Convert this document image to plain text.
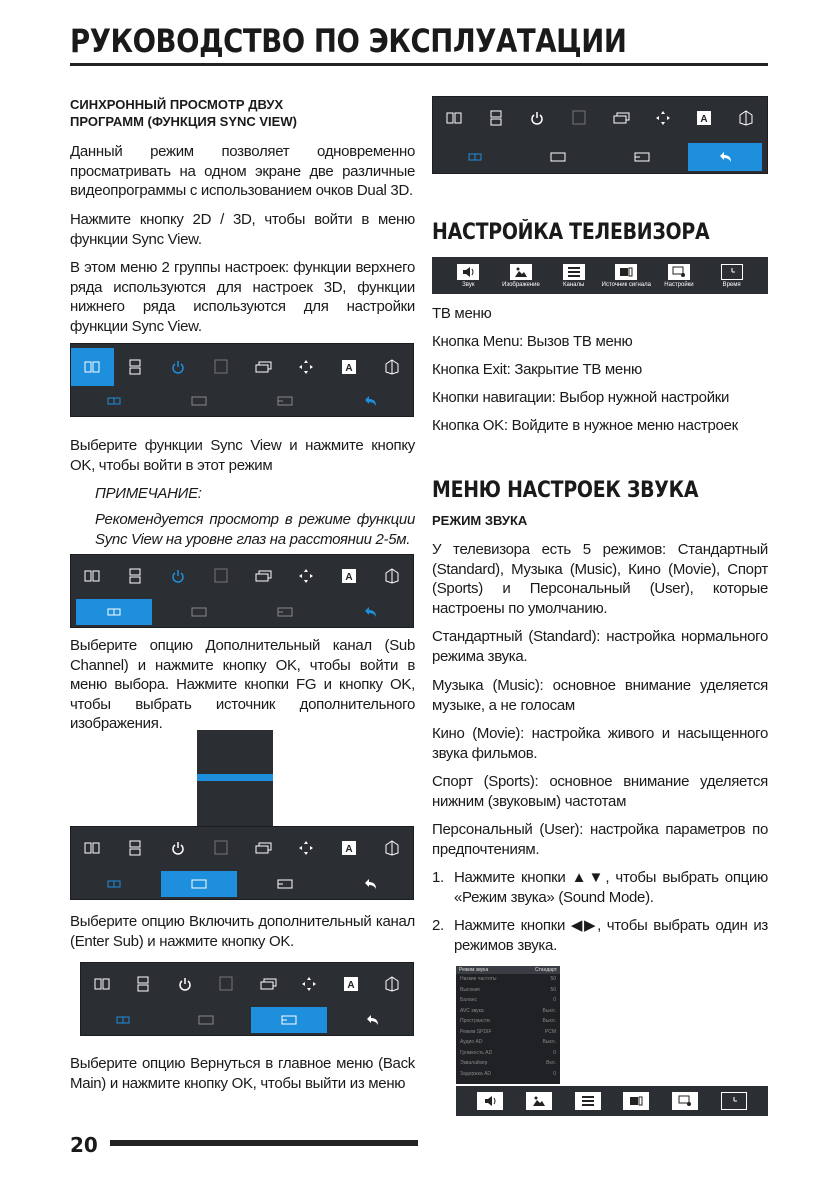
РУКОВОДСТВО ПО ЭКСПЛУАТАЦИИ
СИНХРОННЫЙ ПРОСМОТР ДВУХ
ПРОГРАММ (ФУНКЦИЯ SYNC VIEW)
Данный режим позволяет одновременно просматривать на одном экране две различные видеопрограммы с использованием очков Dual 3D.
Нажмите кнопку 2D / 3D, чтобы войти в меню функции Sync View.
В этом меню 2 группы настроек: функции верхнего ряда используются для настроек 3D, функции нижнего ряда используются для настройки функции Sync View.
A
Выберите функции Sync View и нажмите кнопку OK, чтобы войти в этот режим
ПРИМЕЧАНИЕ:
Рекомендуется просмотр в режиме функции Sync View на уровне глаз на расстоянии 2-5м.
A
Выберите опцию Дополнительный канал (Sub Channel) и нажмите кнопку OK, чтобы войти в меню выбора. Нажмите кнопки FG и кнопку OK, чтобы выбрать источник дополнительного изображения.
A
Выберите опцию Включить дополнительный канал (Enter Sub) и нажмите кнопку OK.
A
Выберите опцию Вернуться в главное меню (Back Main) и нажмите кнопку OK, чтобы выйти из меню
20
A
НАСТРОЙКА ТЕЛЕВИЗОРА
Звук	Изображение	Каналы	Источник сигнала Настройки	Время
ТВ меню
Кнопка Menu: Вызов ТВ меню
Кнопка Exit: Закрытие ТВ меню
Кнопки навигации: Выбор нужной настройки
Кнопка OK: Войдите в нужное меню настроек
МЕНЮ НАСТРОЕК ЗВУКА
РЕЖИМ ЗВУКА
У телевизора есть 5 режимов: Стандартный (Standard), Музыка (Music), Кино (Movie), Спорт (Sports) и Персональный (User), которые настроены по умолчанию.
Стандартный (Standard): настройка нормального режима звука.
Музыка (Music): основное внимание уделяется музыке, а не голосам
Кино (Movie): настройка живого и насыщенного звука фильмов.
Спорт (Sports): основное внимание уделяется нижним (звуковым) частотам
Персональный (User): настройка параметров по предпочтениям.
1. Нажмите кнопки ▲▼, чтобы выбрать опцию «Режим звука» (Sound Mode).
2. Нажмите кнопки ◀▶, чтобы выбрать один из режимов звука.
Режим звука	Стандарт
Низкие частоты	50
Высокие	50
Баланс	0
AVC звука	Выкл.
Пространств.	Выкл.
Режим SPDIF	PCM
Аудио AD	Выкл.
Громкость AD	0
Эквалайзер	Вкл.
Задержка AD	0
